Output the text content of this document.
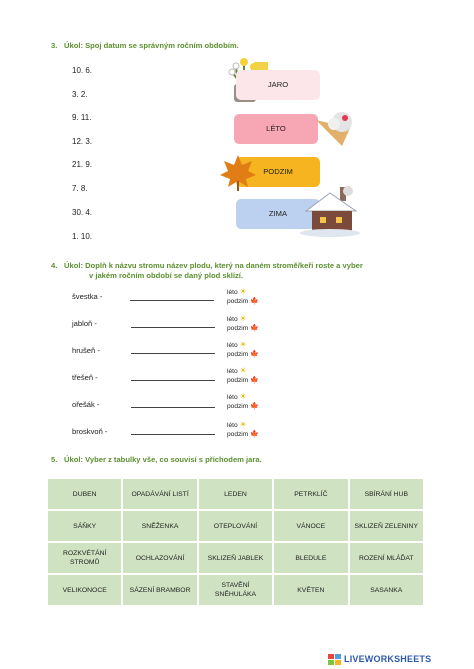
3. Úkol: Spoj datum se správným ročním obdobím.
10. 6.
3. 2.
9. 11.
12. 3.
21. 9.
7. 8.
30. 4.
1. 10.
JARO
LÉTO
PODZIM
ZIMA
4. Úkol: Doplň k názvu stromu název plodu, který na daném stromě/keři roste a vyber
v jakém ročním období se daný plod sklízí.
švestka -	léto ☀
podzim 🍁
jabloň -	léto ☀
podzim 🍁
hrušeň -
léto ☀
podzim 🍁
třešeň -
léto ☀
podzim 🍁
ořešák -
léto ☀
podzim 🍁
broskvoň -
léto ☀
podzim 🍁
5. Úkol: Vyber z tabulky vše, co souvisí s příchodem jara.
DUBEN	OPADÁVÁNÍ LISTÍ	LEDEN	PETRKLÍČ	SBÍRÁNÍ HUB
SÁŇKY	SNĚŽENKA	OTEPLOVÁNÍ	VÁNOCE	SKLIZEŇ ZELENINY
ROZKVÉTÁNÍ STROMŮ	OCHLAZOVÁNÍ	SKLIZEŇ JABLEK	BLEDULE	ROZENÍ MLÁĎAT
VELIKONOCE	SÁZENÍ BRAMBOR	STAVĚNÍ SNĚHULÁKA	KVĚTEN	SASANKA
LIVEWORKSHEETS
